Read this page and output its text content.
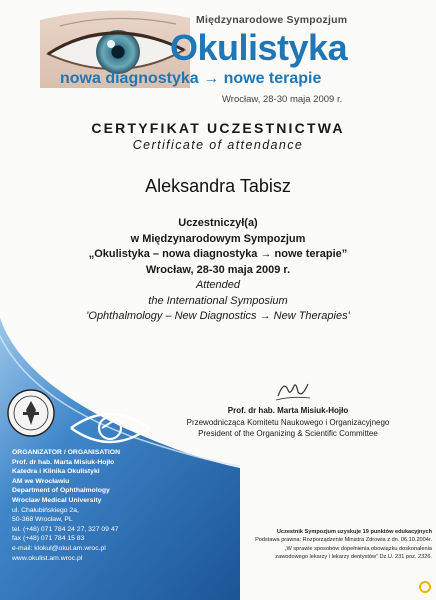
Międzynarodowe Sympozjum
Okulistyka
nowa diagnostyka → nowe terapie
Wrocław, 28-30 maja 2009 r.
CERTYFIKAT UCZESTNICTWA
Certificate of attendance
Aleksandra Tabisz
Uczestniczył(a)
w Międzynarodowym Sympozjum
„Okulistyka – nowa diagnostyka → nowe terapie”
Wrocław, 28-30 maja 2009 r.
Attended
the International Symposium
'Ophthalmology – New Diagnostics → New Therapies'
ORGANIZATOR / ORGANISATION
Prof. dr hab. Marta Misiuk-Hojło
Katedra i Klinika Okulistyki
AM we Wrocławiu
Department of Ophthalmology
Wroclaw Medical University
ul. Chałubińskiego 2a,
50-368 Wrocław, PL
tel. (+48) 071 784 24 27, 327 09 47
fax (+48) 071 784 15 83
e-mail: klokul@okul.am.wroc.pl
www.okulist.am.wroc.pl
Prof. dr hab. Marta Misiuk-Hojło
Przewodnicząca Komitetu Naukowego i Organizacyjnego
President of the Organizing & Scientific Committee
Uczestnik Sympozjum uzyskuje 19 punktów edukacyjnych
Podstawa prawna: Rozporządzenie Ministra Zdrowia z dn. 06.10.2004r.
„W sprawie sposobów dopełnienia obowiązku doskonalenia
zawodowego lekarzy i lekarzy dentystów” Dz.U. 231 poz. 2326.
